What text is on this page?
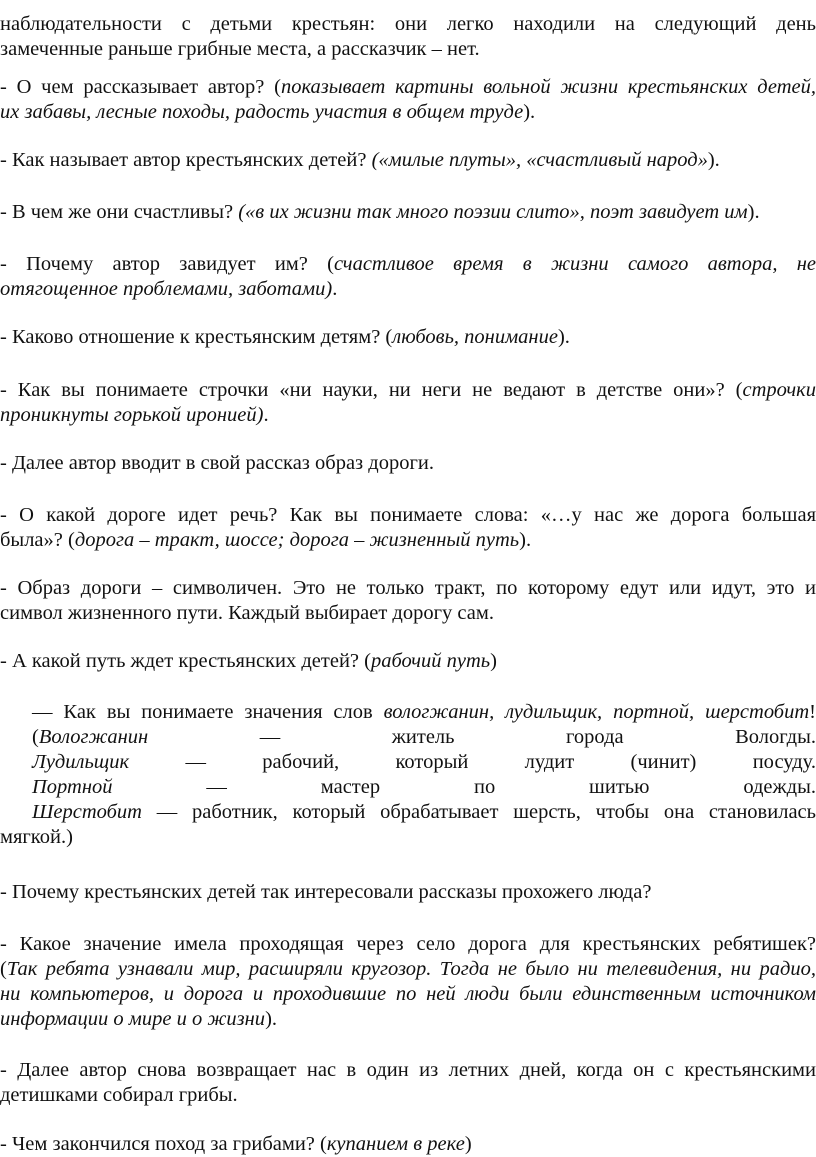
наблюдательности с детьми крестьян: они легко находили на следующий день
замеченные раньше грибные места, а рассказчик – нет.
- О чем рассказывает автор? (показывает картины вольной жизни крестьянских детей,
их забавы, лесные походы, радость участия в общем труде).
- Как называет автор крестьянских детей? («милые плуты», «счастливый народ»).
- В чем же они счастливы? («в их жизни так много поэзии слито», поэт завидует им).
- Почему автор завидует им? (счастливое время в жизни самого автора, не
отягощенное проблемами, заботами).
- Каково отношение к крестьянским детям? (любовь, понимание).
- Как вы понимаете строчки «ни науки, ни неги не ведают в детстве они»? (строчки
проникнуты горькой иронией).
- Далее автор вводит в свой рассказ образ дороги.
- О какой дороге идет речь? Как вы понимаете слова: «…у нас же дорога большая
была»? (дорога – тракт, шоссе; дорога – жизненный путь).
- Образ дороги – символичен. Это не только тракт, по которому едут или идут, это и
символ жизненного пути. Каждый выбирает дорогу сам.
- А какой путь ждет крестьянских детей? (рабочий путь)
— Как вы понимаете значения слов вологжанин, лудильщик, портной, шерстобит!
(Вологжанин — житель города Вологды.
Лудильщик — рабочий, который лудит (чинит) посуду.
Портной — мастер по шитью одежды.
Шерстобит — работник, который обрабатывает шерсть, чтобы она становилась
мягкой.)
- Почему крестьянских детей так интересовали рассказы прохожего люда?
- Какое значение имела проходящая через село дорога для крестьянских ребятишек?
(Так ребята узнавали мир, расширяли кругозор. Тогда не было ни телевидения, ни радио,
ни компьютеров, и дорога и проходившие по ней люди были единственным источником
информации о мире и о жизни).
- Далее автор снова возвращает нас в один из летних дней, когда он с крестьянскими
детишками собирал грибы.
- Чем закончился поход за грибами? (купанием в реке)
